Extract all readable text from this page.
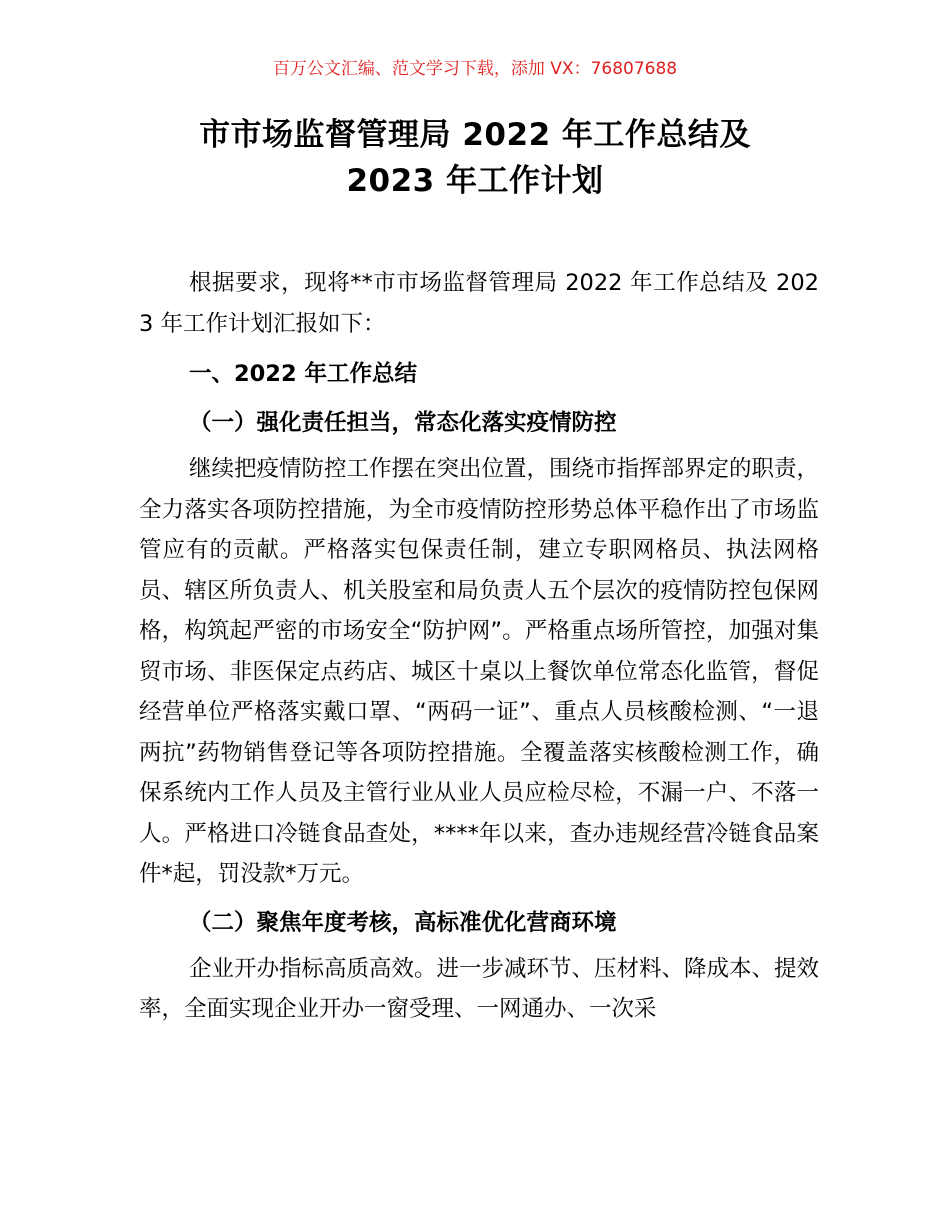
百万公文汇编、范文学习下载，添加 VX：76807688
市市场监督管理局 2022 年工作总结及
2023 年工作计划

根据要求，现将**市市场监督管理局 2022 年工作总结及 2023 年工作计划汇报如下：

一、2022 年工作总结

（一）强化责任担当，常态化落实疫情防控

继续把疫情防控工作摆在突出位置，围绕市指挥部界定的职责，全力落实各项防控措施，为全市疫情防控形势总体平稳作出了市场监管应有的贡献。严格落实包保责任制，建立专职网格员、执法网格员、辖区所负责人、机关股室和局负责人五个层次的疫情防控包保网格，构筑起严密的市场安全“防护网”。严格重点场所管控，加强对集贸市场、非医保定点药店、城区十桌以上餐饮单位常态化监管，督促经营单位严格落实戴口罩、“两码一证”、重点人员核酸检测、“一退两抗”药物销售登记等各项防控措施。全覆盖落实核酸检测工作，确保系统内工作人员及主管行业从业人员应检尽检，不漏一户、不落一人。严格进口冷链食品查处，****年以来，查办违规经营冷链食品案件*起，罚没款*万元。

（二）聚焦年度考核，高标准优化营商环境

企业开办指标高质高效。进一步减环节、压材料、降成本、提效率，全面实现企业开办一窗受理、一网通办、一次采
